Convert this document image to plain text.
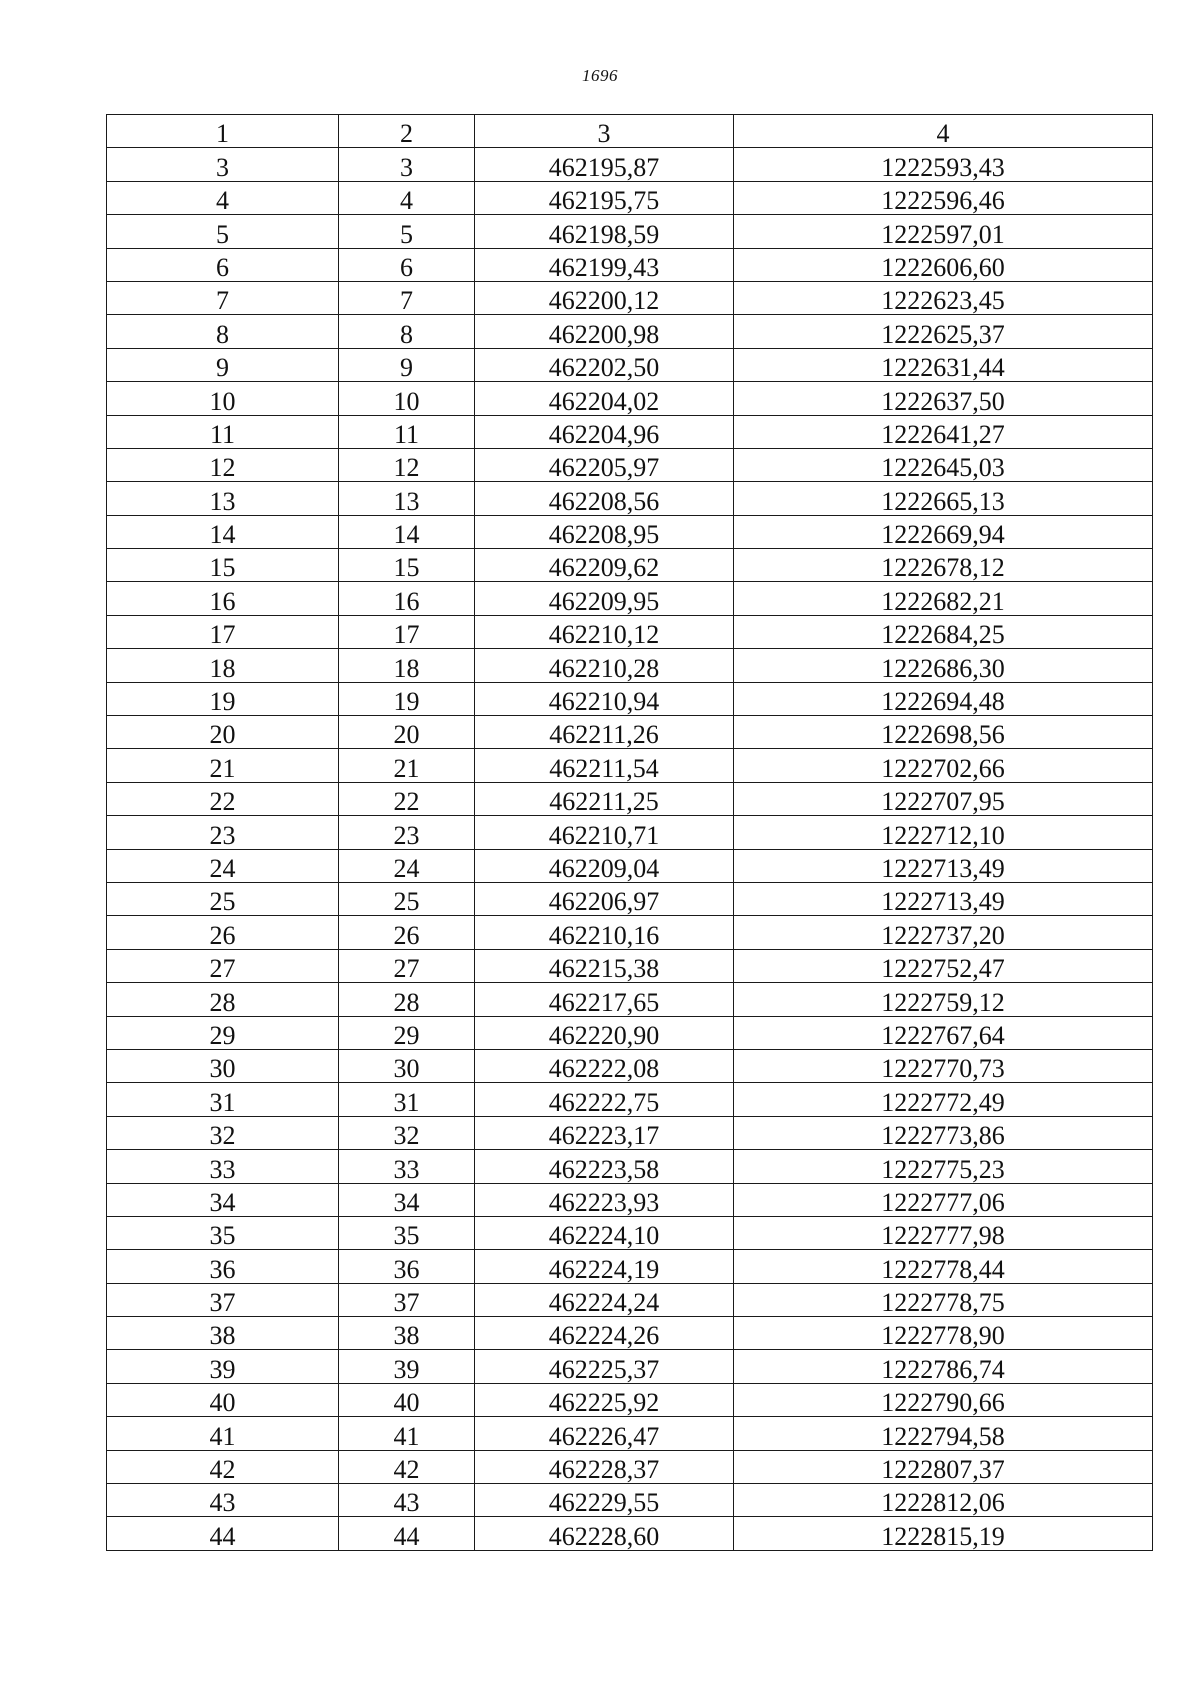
1696
1	2	3	4
3	3	462195,87	1222593,43
4	4	462195,75	1222596,46
5	5	462198,59	1222597,01
6	6	462199,43	1222606,60
7	7	462200,12	1222623,45
8	8	462200,98	1222625,37
9	9	462202,50	1222631,44
10	10	462204,02	1222637,50
11	11	462204,96	1222641,27
12	12	462205,97	1222645,03
13	13	462208,56	1222665,13
14	14	462208,95	1222669,94
15	15	462209,62	1222678,12
16	16	462209,95	1222682,21
17	17	462210,12	1222684,25
18	18	462210,28	1222686,30
19	19	462210,94	1222694,48
20	20	462211,26	1222698,56
21	21	462211,54	1222702,66
22	22	462211,25	1222707,95
23	23	462210,71	1222712,10
24	24	462209,04	1222713,49
25	25	462206,97	1222713,49
26	26	462210,16	1222737,20
27	27	462215,38	1222752,47
28	28	462217,65	1222759,12
29	29	462220,90	1222767,64
30	30	462222,08	1222770,73
31	31	462222,75	1222772,49
32	32	462223,17	1222773,86
33	33	462223,58	1222775,23
34	34	462223,93	1222777,06
35	35	462224,10	1222777,98
36	36	462224,19	1222778,44
37	37	462224,24	1222778,75
38	38	462224,26	1222778,90
39	39	462225,37	1222786,74
40	40	462225,92	1222790,66
41	41	462226,47	1222794,58
42	42	462228,37	1222807,37
43	43	462229,55	1222812,06
44	44	462228,60	1222815,19
